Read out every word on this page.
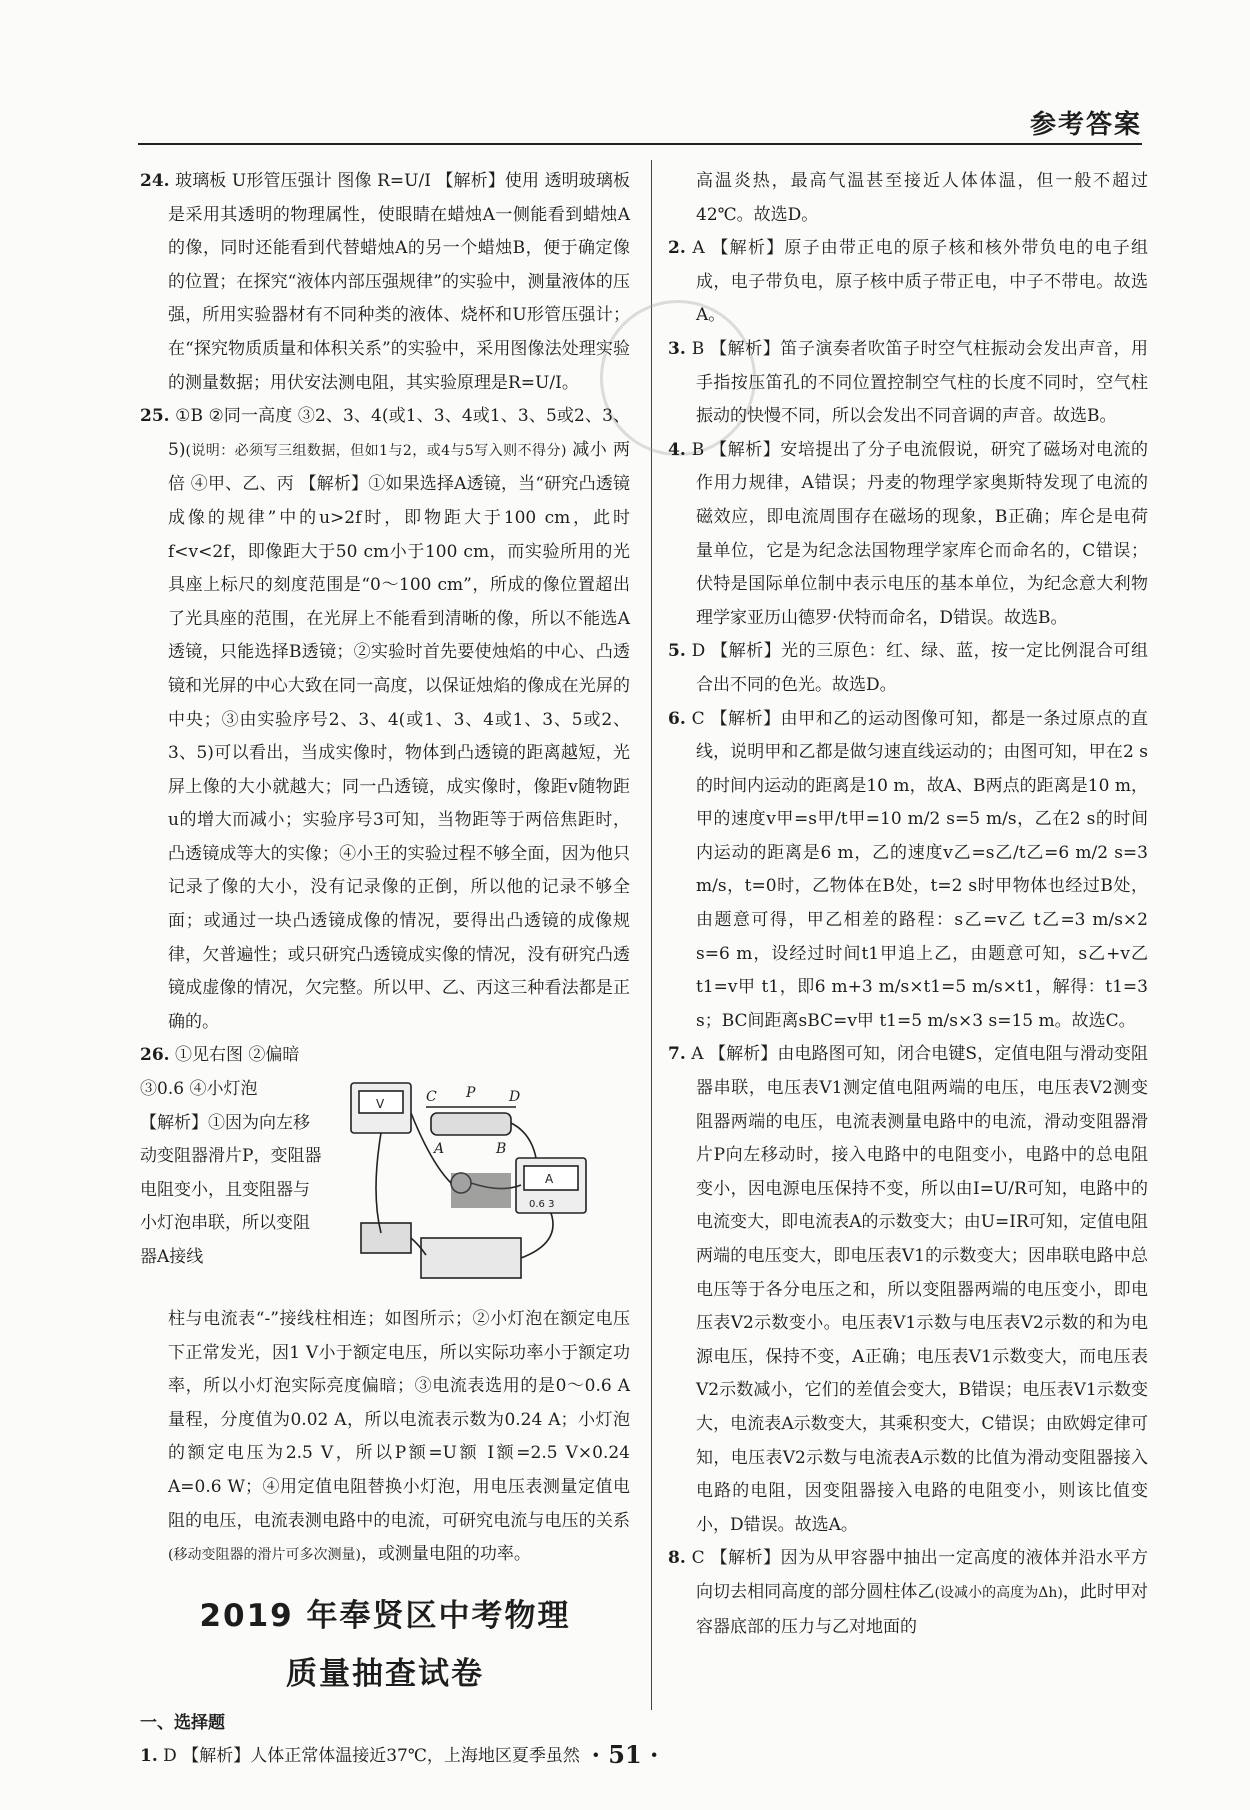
参考答案

24. 玻璃板 U形管压强计 图像 R=U/I 【解析】使用 透明玻璃板是采用其透明的物理属性，使眼睛在蜡烛A一侧能看到蜡烛A的像，同时还能看到代替蜡烛A的另一个蜡烛B，便于确定像的位置；在探究“液体内部压强规律”的实验中，测量液体的压强，所用实验器材有不同种类的液体、烧杯和U形管压强计；在“探究物质质量和体积关系”的实验中，采用图像法处理实验的测量数据；用伏安法测电阻，其实验原理是R=U/I。

25. ①B ②同一高度 ③2、3、4(或1、3、4或1、3、5或2、3、5)(说明：必须写三组数据，但如1与2，或4与5写入则不得分) 减小 两倍 ④甲、乙、丙 【解析】①如果选择A透镜，当“研究凸透镜成像的规律”中的u>2f时，即物距大于100 cm，此时f<v<2f，即像距大于50 cm小于100 cm，而实验所用的光具座上标尺的刻度范围是“0～100 cm”，所成的像位置超出了光具座的范围，在光屏上不能看到清晰的像，所以不能选A透镜，只能选择B透镜；②实验时首先要使烛焰的中心、凸透镜和光屏的中心大致在同一高度，以保证烛焰的像成在光屏的中央；③由实验序号2、3、4(或1、3、4或1、3、5或2、3、5)可以看出，当成实像时，物体到凸透镜的距离越短，光屏上像的大小就越大；同一凸透镜，成实像时，像距v随物距u的增大而减小；实验序号3可知，当物距等于两倍焦距时，凸透镜成等大的实像；④小王的实验过程不够全面，因为他只记录了像的大小，没有记录像的正倒，所以他的记录不够全面；或通过一块凸透镜成像的情况，要得出凸透镜的成像规律，欠普遍性；或只研究凸透镜成实像的情况，没有研究凸透镜成虚像的情况，欠完整。所以甲、乙、丙这三种看法都是正确的。

26. ①见右图 ②偏暗

③0.6 ④小灯泡
【解析】①因为向左移动变阻器滑片P，变阻器电阻变小，且变阻器与小灯泡串联，所以变阻器A接线
C P D
A	B
V
A
0.6 3

柱与电流表“-”接线柱相连；如图所示；②小灯泡在额定电压下正常发光，因1 V小于额定电压，所以实际功率小于额定功率，所以小灯泡实际亮度偏暗；③电流表选用的是0～0.6 A量程，分度值为0.02 A，所以电流表示数为0.24 A；小灯泡的额定电压为2.5 V，所以P额=U额 I额=2.5 V×0.24 A=0.6 W；④用定值电阻替换小灯泡，用电压表测量定值电阻的电压，电流表测电路中的电流，可研究电流与电压的关系(移动变阻器的滑片可多次测量)，或测量电阻的功率。

2019 年奉贤区中考物理
质量抽查试卷
一、选择题

1. D 【解析】人体正常体温接近37℃，上海地区夏季虽然

高温炎热，最高气温甚至接近人体体温，但一般不超过42℃。故选D。

2. A 【解析】原子由带正电的原子核和核外带负电的电子组成，电子带负电，原子核中质子带正电，中子不带电。故选A。

3. B 【解析】笛子演奏者吹笛子时空气柱振动会发出声音，用手指按压笛孔的不同位置控制空气柱的长度不同时，空气柱振动的快慢不同，所以会发出不同音调的声音。故选B。

4. B 【解析】安培提出了分子电流假说，研究了磁场对电流的作用力规律，A错误；丹麦的物理学家奥斯特发现了电流的磁效应，即电流周围存在磁场的现象，B正确；库仑是电荷量单位，它是为纪念法国物理学家库仑而命名的，C错误；伏特是国际单位制中表示电压的基本单位，为纪念意大利物理学家亚历山德罗·伏特而命名，D错误。故选B。

5. D 【解析】光的三原色：红、绿、蓝，按一定比例混合可组合出不同的色光。故选D。

6. C 【解析】由甲和乙的运动图像可知，都是一条过原点的直线，说明甲和乙都是做匀速直线运动的；由图可知，甲在2 s的时间内运动的距离是10 m，故A、B两点的距离是10 m，甲的速度v甲=s甲/t甲=10 m/2 s=5 m/s，乙在2 s的时间内运动的距离是6 m，乙的速度v乙=s乙/t乙=6 m/2 s=3 m/s，t=0时，乙物体在B处，t=2 s时甲物体也经过B处，由题意可得，甲乙相差的路程：s乙=v乙 t乙=3 m/s×2 s=6 m，设经过时间t1甲追上乙，由题意可知，s乙+v乙 t1=v甲 t1，即6 m+3 m/s×t1=5 m/s×t1，解得：t1=3 s；BC间距离sBC=v甲 t1=5 m/s×3 s=15 m。故选C。

7. A 【解析】由电路图可知，闭合电键S，定值电阻与滑动变阻器串联，电压表V1测定值电阻两端的电压，电压表V2测变阻器两端的电压，电流表测量电路中的电流，滑动变阻器滑片P向左移动时，接入电路中的电阻变小，电路中的总电阻变小，因电源电压保持不变，所以由I=U/R可知，电路中的电流变大，即电流表A的示数变大；由U=IR可知，定值电阻两端的电压变大，即电压表V1的示数变大；因串联电路中总电压等于各分电压之和，所以变阻器两端的电压变小，即电压表V2示数变小。电压表V1示数与电压表V2示数的和为电源电压，保持不变，A正确；电压表V1示数变大，而电压表V2示数减小，它们的差值会变大，B错误；电压表V1示数变大，电流表A示数变大，其乘积变大，C错误；由欧姆定律可知，电压表V2示数与电流表A示数的比值为滑动变阻器接入电路的电阻，因变阻器接入电路的电阻变小，则该比值变小，D错误。故选A。

8. C 【解析】因为从甲容器中抽出一定高度的液体并沿水平方向切去相同高度的部分圆柱体乙(设减小的高度为Δh)，此时甲对容器底部的压力与乙对地面的

· 51 ·
